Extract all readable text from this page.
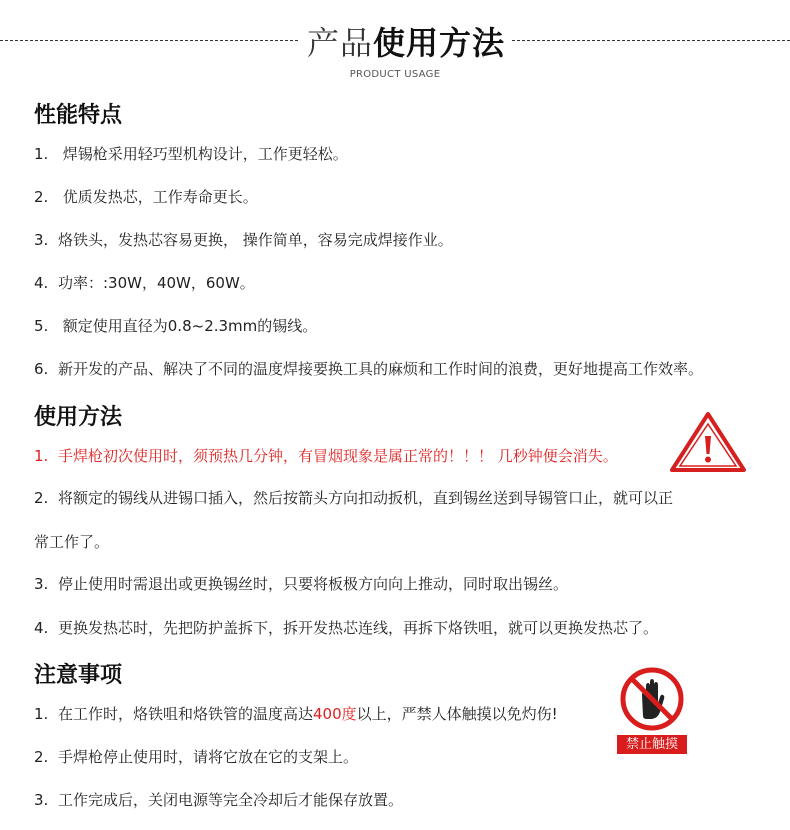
产品使用方法
PRODUCT USAGE
性能特点
1. 焊锡枪采用轻巧型机构设计，工作更轻松。
2. 优质发热芯，工作寿命更长。
3. 烙铁头，发热芯容易更换， 操作简单，容易完成焊接作业。
4. 功率：:30W，40W，60W。
5. 额定使用直径为0.8~2.3mm的锡线。
6. 新开发的产品、解决了不同的温度焊接要换工具的麻烦和工作时间的浪费，更好地提高工作效率。
使用方法
1. 手焊枪初次使用时，须预热几分钟，有冒烟现象是属正常的！！！ 几秒钟便会消失。
2. 将额定的锡线从进锡口插入，然后按箭头方向扣动扳机，直到锡丝送到导锡管口止，就可以正
常工作了。
3. 停止使用时需退出或更换锡丝时，只要将板极方向向上推动，同时取出锡丝。
4. 更换发热芯时，先把防护盖拆下，拆开发热芯连线，再拆下烙铁咀，就可以更换发热芯了。
注意事项
1. 在工作时，烙铁咀和烙铁管的温度高达400度以上，严禁人体触摸以免灼伤!
2. 手焊枪停止使用时，请将它放在它的支架上。
3. 工作完成后，关闭电源等完全冷却后才能保存放置。
禁止触摸
